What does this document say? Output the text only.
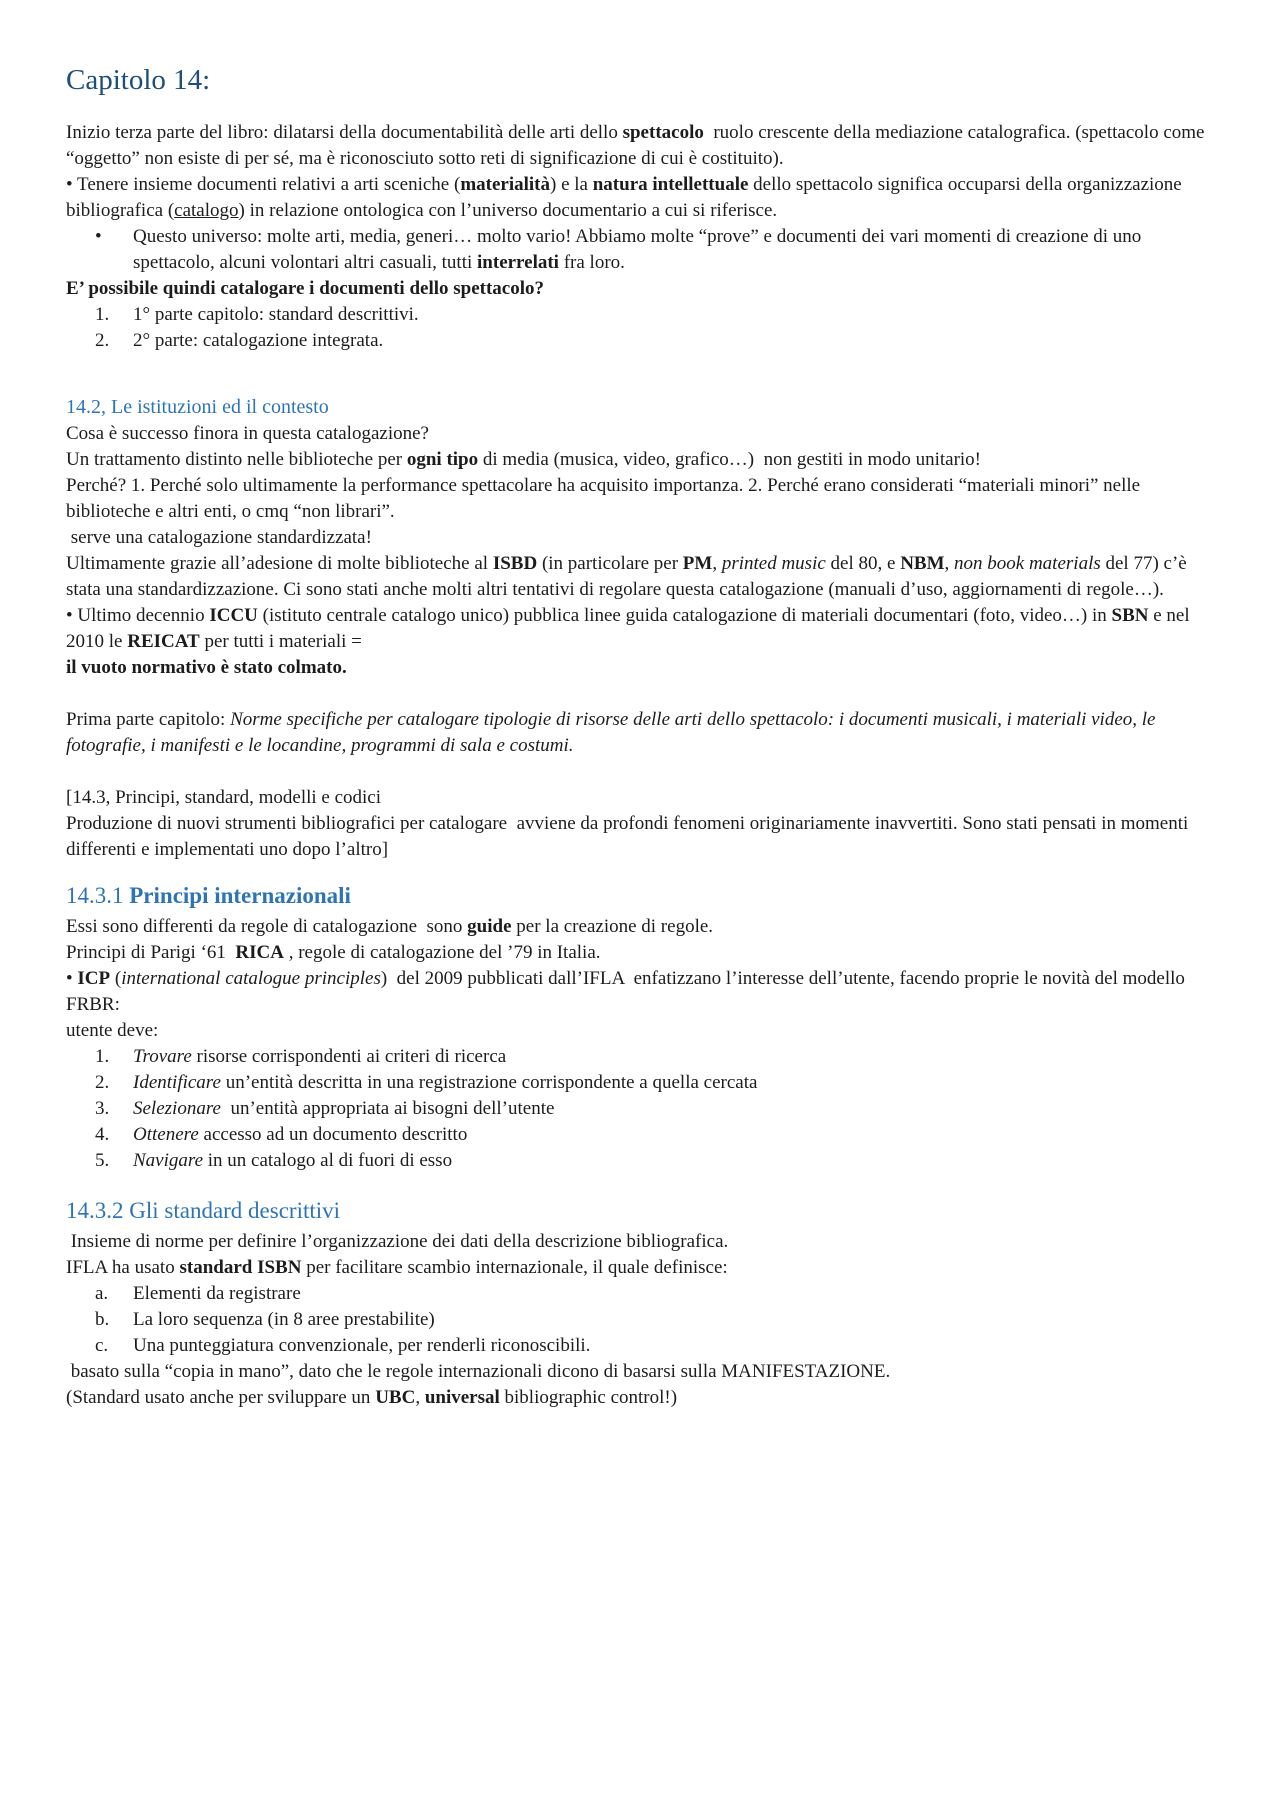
Capitolo 14:
Inizio terza parte del libro: dilatarsi della documentabilità delle arti dello spettacolo  ruolo crescente della mediazione catalografica. (spettacolo come “oggetto” non esiste di per sé, ma è riconosciuto sotto reti di significazione di cui è costituito).
• Tenere insieme documenti relativi a arti sceniche (materialità) e la natura intellettuale dello spettacolo significa occuparsi della organizzazione bibliografica (catalogo) in relazione ontologica con l’universo documentario a cui si riferisce.
•	Questo universo: molte arti, media, generi… molto vario! Abbiamo molte “prove” e documenti dei vari momenti di creazione di uno spettacolo, alcuni volontari altri casuali, tutti interrelati fra loro.
E’ possibile quindi catalogare i documenti dello spettacolo?
1.	1° parte capitolo: standard descrittivi.
2.	2° parte: catalogazione integrata.
14.2, Le istituzioni ed il contesto
Cosa è successo finora in questa catalogazione?
Un trattamento distinto nelle biblioteche per ogni tipo di media (musica, video, grafico…)  non gestiti in modo unitario!
Perché? 1. Perché solo ultimamente la performance spettacolare ha acquisito importanza. 2. Perché erano considerati “materiali minori” nelle biblioteche e altri enti, o cmq “non librari”.
serve una catalogazione standardizzata!
Ultimamente grazie all’adesione di molte biblioteche al ISBD (in particolare per PM, printed music del 80, e NBM, non book materials del 77) c’è stata una standardizzazione. Ci sono stati anche molti altri tentativi di regolare questa catalogazione (manuali d’uso, aggiornamenti di regole…).
• Ultimo decennio ICCU (istituto centrale catalogo unico) pubblica linee guida catalogazione di materiali documentari (foto, video…) in SBN e nel 2010 le REICAT per tutti i materiali =
il vuoto normativo è stato colmato.
Prima parte capitolo: Norme specifiche per catalogare tipologie di risorse delle arti dello spettacolo: i documenti musicali, i materiali video, le fotografie, i manifesti e le locandine, programmi di sala e costumi.
[14.3, Principi, standard, modelli e codici
Produzione di nuovi strumenti bibliografici per catalogare  avviene da profondi fenomeni originariamente inavvertiti. Sono stati pensati in momenti differenti e implementati uno dopo l’altro]
14.3.1 Principi internazionali
Essi sono differenti da regole di catalogazione  sono guide per la creazione di regole.
Principi di Parigi ‘61  RICA , regole di catalogazione del ’79 in Italia.
• ICP (international catalogue principles)  del 2009 pubblicati dall’IFLA  enfatizzano l’interesse dell’utente, facendo proprie le novità del modello FRBR:
utente deve:
1.	Trovare risorse corrispondenti ai criteri di ricerca
2.	Identificare un’entità descritta in una registrazione corrispondente a quella cercata
3.	Selezionare  un’entità appropriata ai bisogni dell’utente
4.	Ottenere accesso ad un documento descritto
5.	Navigare in un catalogo al di fuori di esso
14.3.2 Gli standard descrittivi
Insieme di norme per definire l’organizzazione dei dati della descrizione bibliografica.
IFLA ha usato standard ISBN per facilitare scambio internazionale, il quale definisce:
a.	Elementi da registrare
b.	La loro sequenza (in 8 aree prestabilite)
c.	Una punteggiatura convenzionale, per renderli riconoscibili.
basato sulla “copia in mano”, dato che le regole internazionali dicono di basarsi sulla MANIFESTAZIONE.
(Standard usato anche per sviluppare un UBC, universal bibliographic control!)
